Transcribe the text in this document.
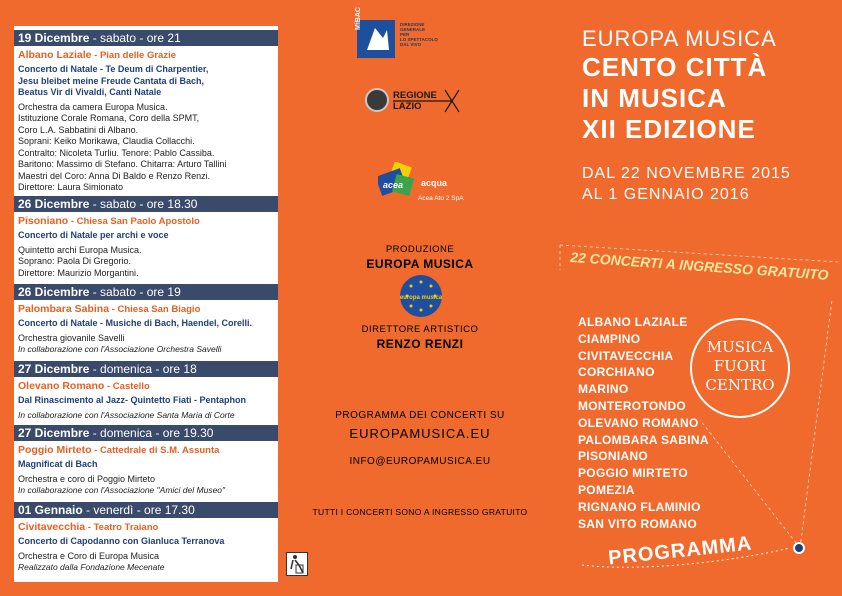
19 Dicembre - sabato - ore 21
Albano Laziale - Pian delle Grazie
Concerto di Natale - Te Deum di Charpentier,
Jesu bleibet meine Freude Cantata di Bach,
Beatus Vir di Vivaldi, Canti Natale
Orchestra da camera Europa Musica.
Istituzione Corale Romana, Coro della SPMT,
Coro L.A. Sabbatini di Albano.
Soprani: Keiko Morikawa, Claudia Collacchi.
Contralto: Nicoleta Turliu. Tenore: Pablo Cassiba.
Baritono: Massimo di Stefano. Chitarra: Arturo Tallini
Maestri del Coro: Anna Di Baldo e Renzo Renzi.
Direttore: Laura Simionato
26 Dicembre - sabato - ore 18.30
Pisoniano - Chiesa San Paolo Apostolo
Concerto di Natale per archi e voce
Quintetto archi Europa Musica.
Soprano: Paola Di Gregorio.
Direttore: Maurizio Morgantini.
26 Dicembre - sabato - ore 19
Palombara Sabina - Chiesa San Biagio
Concerto di Natale - Musiche di Bach, Haendel, Corelli.
Orchestra giovanile Savelli
In collaborazione con l'Associazione Orchestra Savelli
27 Dicembre - domenica - ore 18
Olevano Romano - Castello
Dal Rinascimento al Jazz- Quintetto Fiati - Pentaphon
In collaborazione con l'Associazione Santa Maria di Corte
27 Dicembre - domenica - ore 19.30
Poggio Mirteto - Cattedrale di S.M. Assunta
Magnificat di Bach
Orchestra e coro di Poggio Mirteto
In collaborazione con l'Associazione "Amici del Museo"
01 Gennaio - venerdì - ore 17.30
Civitavecchia - Teatro Traiano
Concerto di Capodanno con Gianluca Terranova
Orchestra e Coro di Europa Musica
Realizzato dalla Fondazione Mecenate
MiBAC	DIREZIONE
GENERALE
PER
LO SPETTACOLO
DAL VIVO
REGIONE
LAZIO
acea acqua
Acea Ato 2 SpA
PRODUZIONE
EUROPA MUSICA
europa musica
DIRETTORE ARTISTICO
RENZO RENZI
PROGRAMMA DEI CONCERTI SU
EUROPAMUSICA.EU
INFO@EUROPAMUSICA.EU
TUTTI I CONCERTI SONO A INGRESSO GRATUITO
EUROPA MUSICA
CENTO CITTÀ
IN MUSICA
XII EDIZIONE
DAL 22 NOVEMBRE 2015
AL 1 GENNAIO 2016
22 CONCERTI A INGRESSO GRATUITO
ALBANO LAZIALE
CIAMPINO
CIVITAVECCHIA
CORCHIANO
MARINO
MONTEROTONDO
OLEVANO ROMANO
PALOMBARA SABINA
PISONIANO
POGGIO MIRTETO
POMEZIA
RIGNANO FLAMINIO
SAN VITO ROMANO
MUSICA
FUORI
CENTRO
PROGRAMMA
